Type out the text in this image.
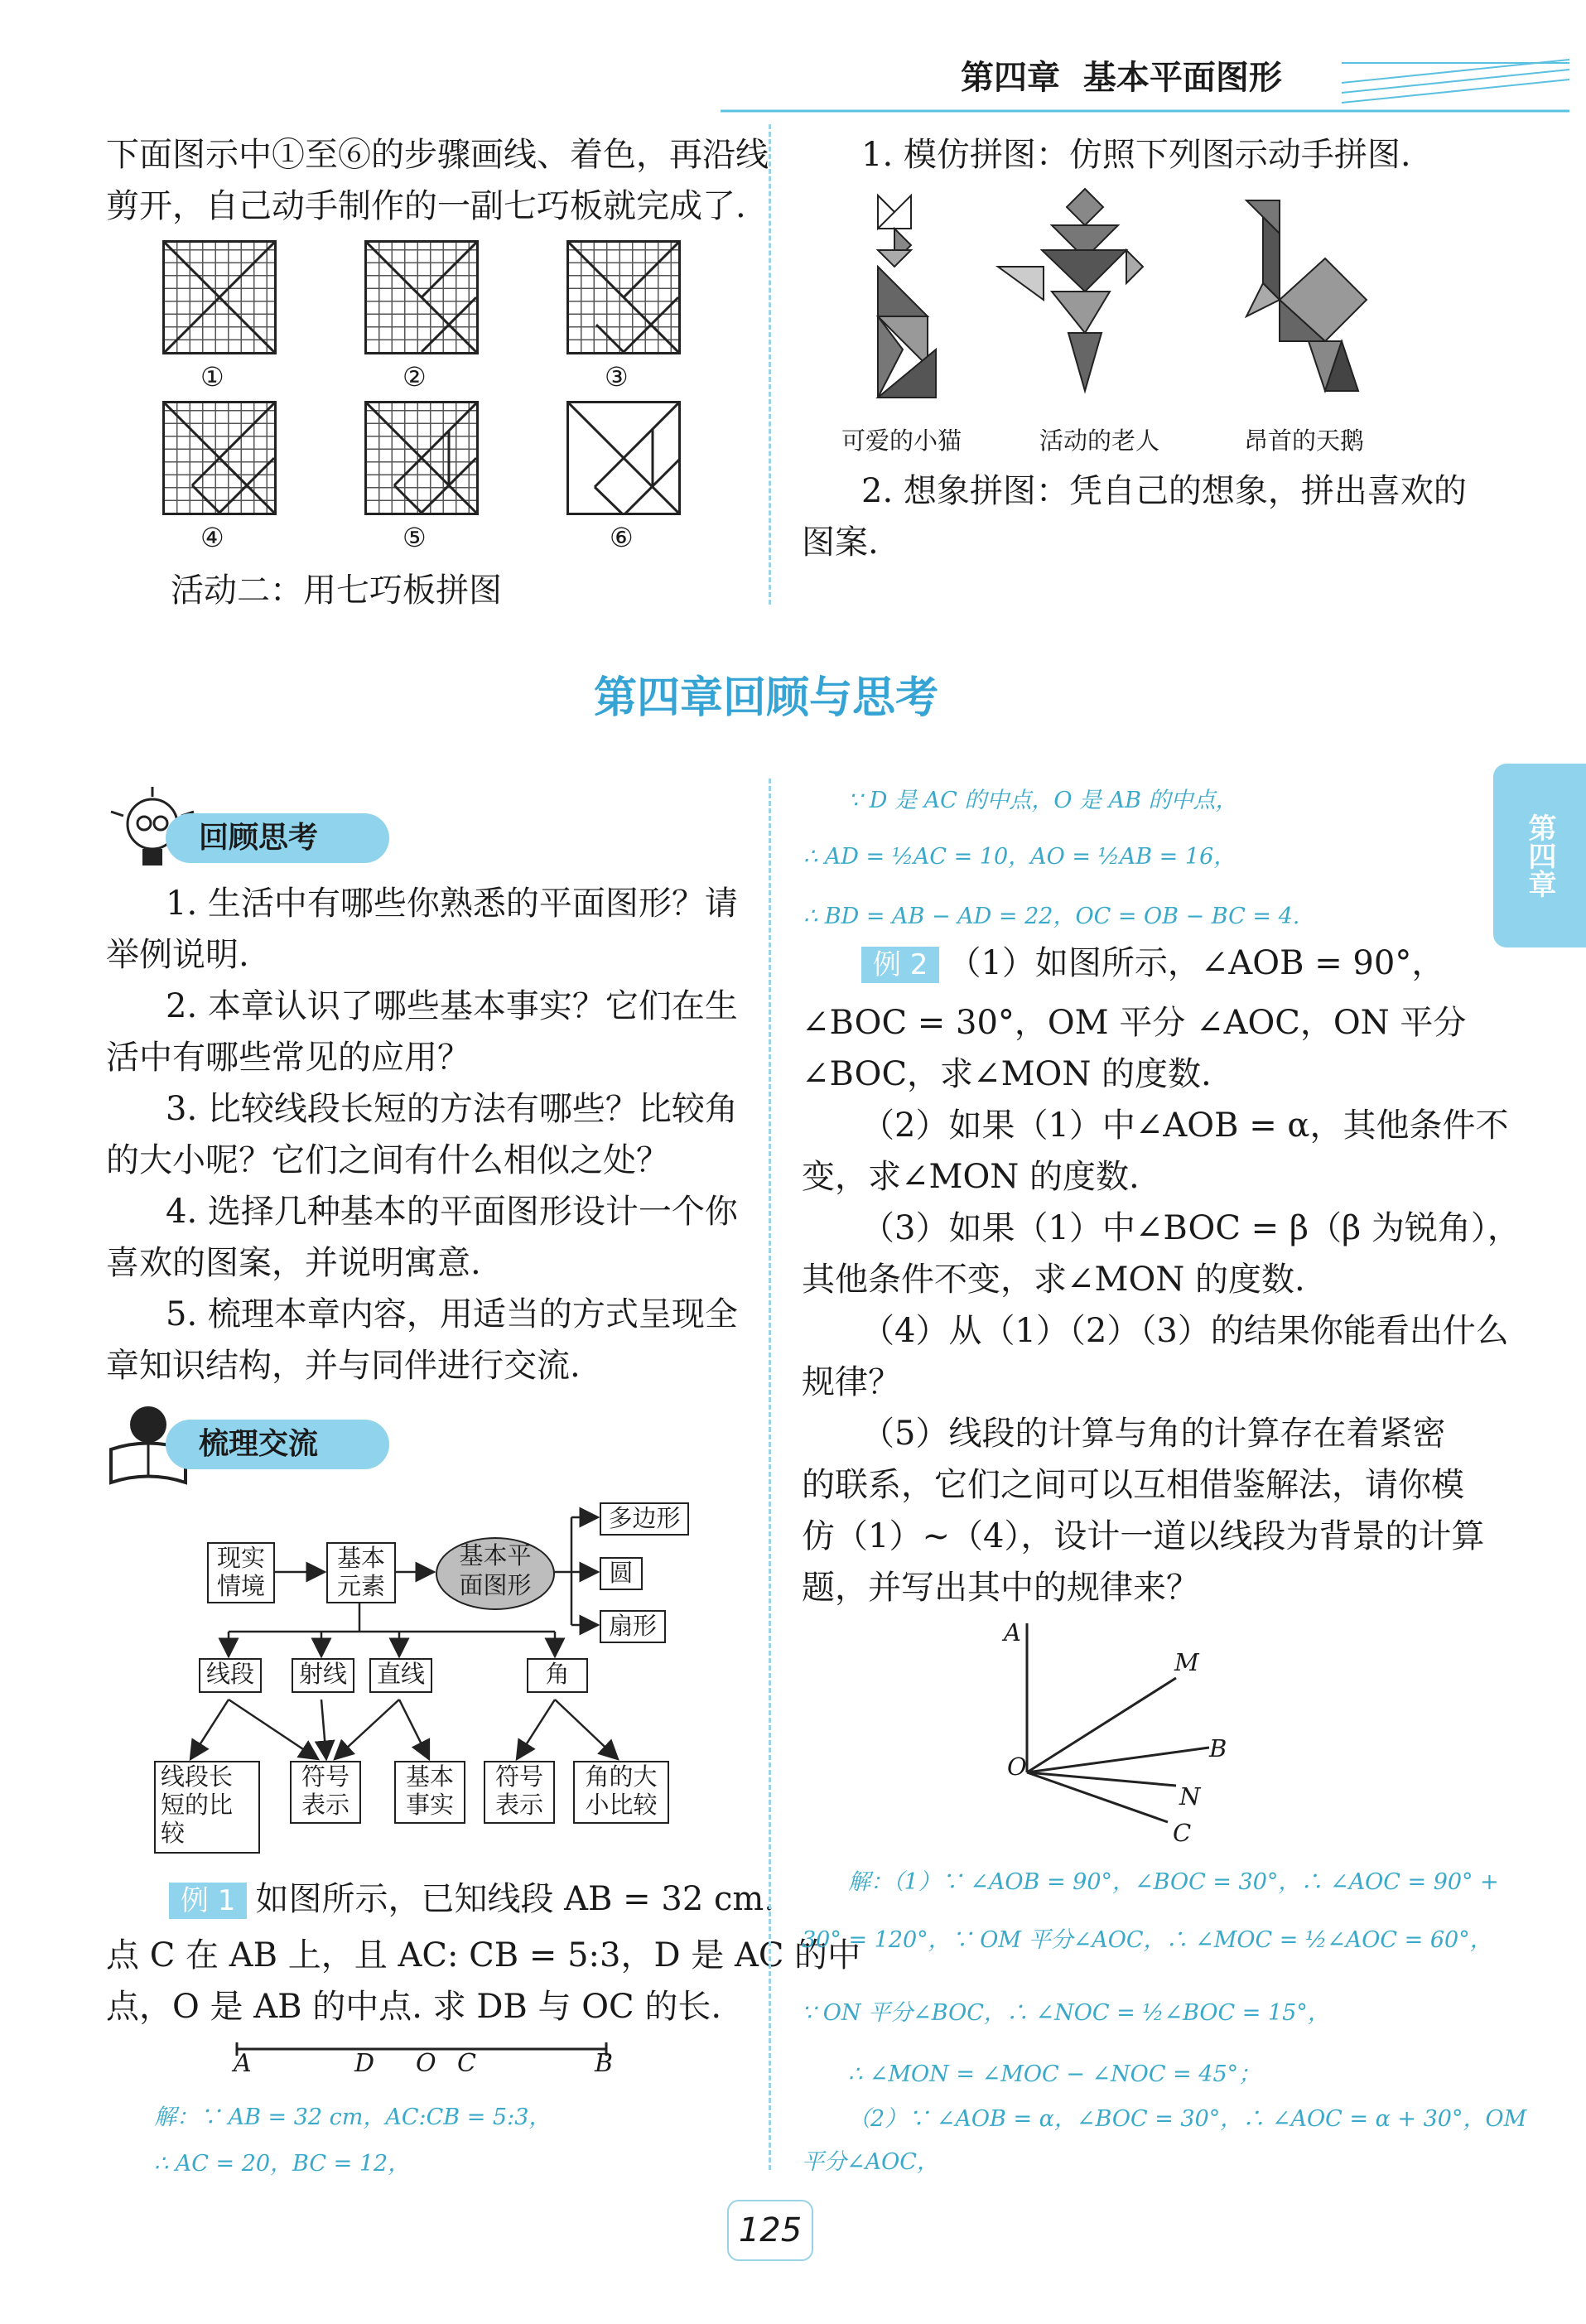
第四章 基本平面图形
下面图示中①至⑥的步骤画线、着色，再沿线
剪开，自己动手制作的一副七巧板就完成了.
①	②	③
④	⑤	⑥
活动二：用七巧板拼图
1. 模仿拼图：仿照下列图示动手拼图.
可爱的小猫	活动的老人	昂首的天鹅
2. 想象拼图：凭自己的想象，拼出喜欢的
图案.
第四章回顾与思考
第四章
回顾思考
1. 生活中有哪些你熟悉的平面图形？请
举例说明.
2. 本章认识了哪些基本事实？它们在生
活中有哪些常见的应用？
3. 比较线段长短的方法有哪些？比较角
的大小呢？它们之间有什么相似之处？
4. 选择几种基本的平面图形设计一个你
喜欢的图案，并说明寓意.
5. 梳理本章内容，用适当的方式呈现全
章知识结构，并与同伴进行交流.
梳理交流
现实
情境
基本
元素
基本平
面图形
多边形
圆
扇形
线段	射线	直线	角
线段长
短的比
较
符号
表示
基本
事实
符号
表示
角的大
小比较
例 1 如图所示，已知线段 AB = 32 cm.
点 C 在 AB 上，且 AC: CB = 5:3，D 是 AC 的中
点，O 是 AB 的中点. 求 DB 与 OC 的长.
A	D O C	B
解：∵ AB = 32 cm，AC:CB = 5:3，
∴ AC = 20，BC = 12，
∵ D 是 AC 的中点，O 是 AB 的中点，
∴ AD = ½AC = 10，AO = ½AB = 16，
∴ BD = AB − AD = 22，OC = OB − BC = 4.
例 2 （1）如图所示，∠AOB = 90°，
∠BOC = 30°，OM 平分 ∠AOC，ON 平分
∠BOC，求∠MON 的度数.
（2）如果（1）中∠AOB = α，其他条件不
变，求∠MON 的度数.
（3）如果（1）中∠BOC = β（β 为锐角），
其他条件不变，求∠MON 的度数.
（4）从（1）（2）（3）的结果你能看出什么
规律？
（5）线段的计算与角的计算存在着紧密
的联系，它们之间可以互相借鉴解法，请你模
仿（1）~（4），设计一道以线段为背景的计算
题，并写出其中的规律来？
A
M
B
O
N
C
解：（1）∵ ∠AOB = 90°，∠BOC = 30°，∴ ∠AOC = 90° +
30° = 120°，∵ OM 平分∠AOC，∴ ∠MOC = ½∠AOC = 60°，
∵ ON 平分∠BOC，∴ ∠NOC = ½∠BOC = 15°，
∴ ∠MON = ∠MOC − ∠NOC = 45°；
（2）∵ ∠AOB = α，∠BOC = 30°，∴ ∠AOC = α + 30°，OM
平分∠AOC，
125
